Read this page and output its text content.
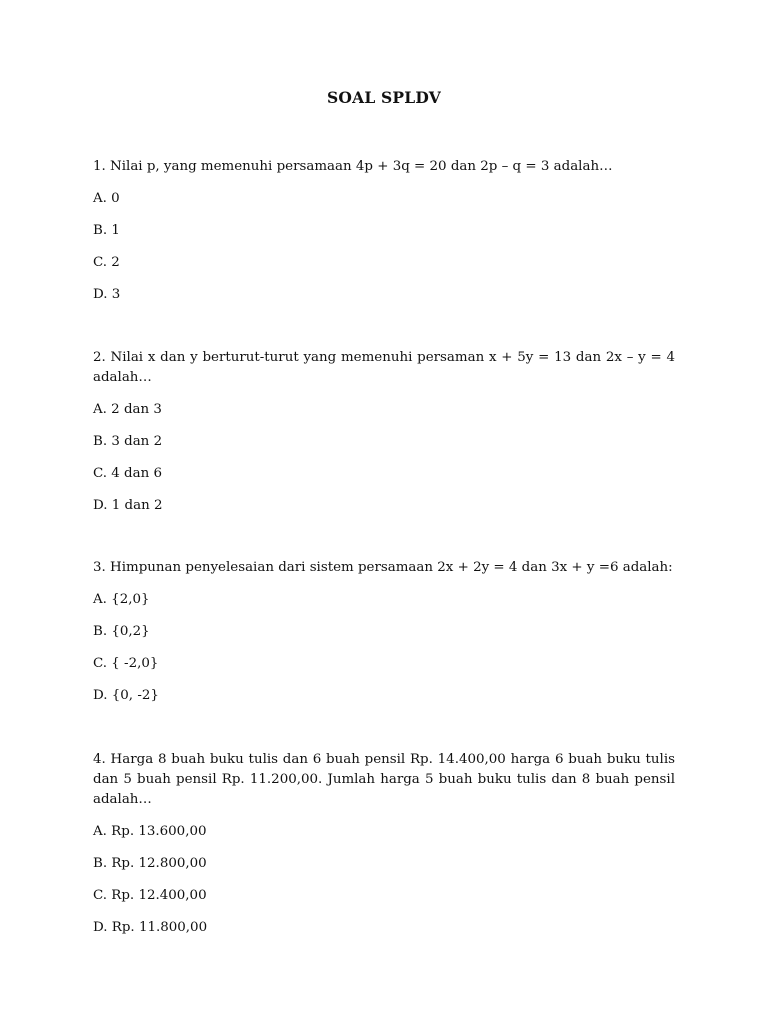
SOAL SPLDV
1. Nilai p, yang memenuhi persamaan 4p + 3q = 20 dan 2p – q = 3 adalah…
A. 0
B. 1
C. 2
D. 3
2. Nilai x dan y berturut-turut yang memenuhi persaman x + 5y = 13 dan 2x – y = 4 adalah…
A. 2 dan 3
B. 3 dan 2
C. 4 dan 6
D. 1 dan 2
3. Himpunan penyelesaian dari sistem persamaan 2x + 2y = 4 dan 3x + y =6 adalah:
A. {2,0}
B. {0,2}
C. { -2,0}
D. {0, -2}
4. Harga 8 buah buku tulis dan 6 buah pensil Rp. 14.400,00 harga 6 buah buku tulis dan 5 buah pensil Rp. 11.200,00. Jumlah harga 5 buah buku tulis dan 8 buah pensil adalah…
A. Rp. 13.600,00
B. Rp. 12.800,00
C. Rp. 12.400,00
D. Rp. 11.800,00
